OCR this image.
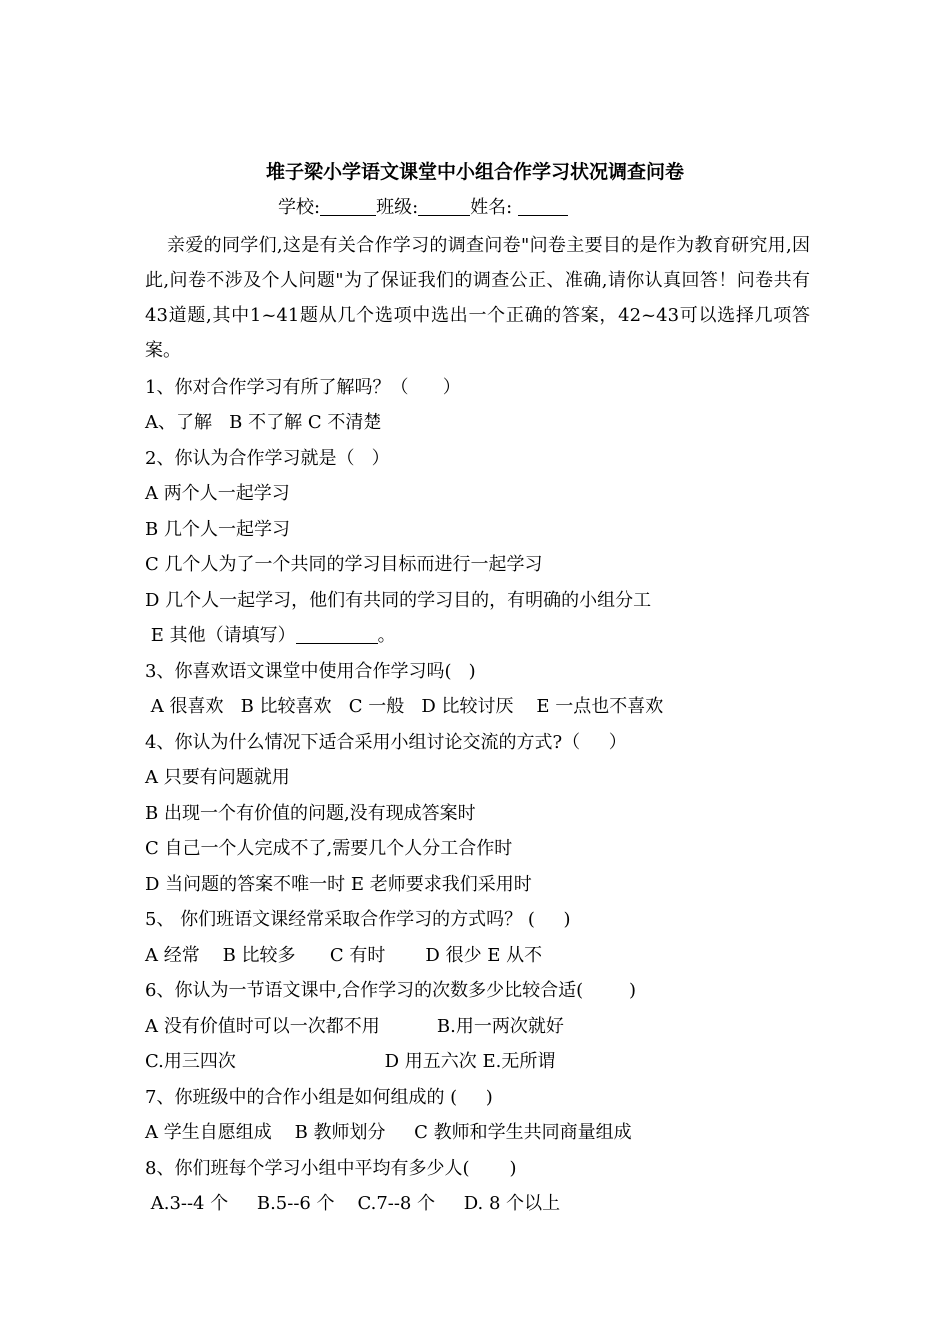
堆子梁小学语文课堂中小组合作学习状况调查问卷
学校:	班级:	姓名:
亲爱的同学们,这是有关合作学习的调查问卷"问卷主要目的是作为教育研究用,因此,问卷不涉及个人问题"为了保证我们的调查公正、准确,请你认真回答！问卷共有43道题,其中1~41题从几个选项中选出一个正确的答案，42~43可以选择几项答案。
1、你对合作学习有所了解吗？（      ）
A、了解   B 不了解 C 不清楚
2、你认为合作学习就是（   ）
A 两个人一起学习
B 几个人一起学习
C 几个人为了一个共同的学习目标而进行一起学习
D 几个人一起学习，他们有共同的学习目的，有明确的小组分工
E 其他（请填写）	。
3、你喜欢语文课堂中使用合作学习吗(   )
A 很喜欢   B 比较喜欢   C 一般   D 比较讨厌    E 一点也不喜欢
4、你认为什么情况下适合采用小组讨论交流的方式?（     ）
A 只要有问题就用
B 出现一个有价值的问题,没有现成答案时
C 自己一个人完成不了,需要几个人分工合作时
D 当问题的答案不唯一时 E 老师要求我们采用时
5、 你们班语文课经常采取合作学习的方式吗？ (     )
A 经常    B 比较多      C 有时       D 很少 E 从不
6、你认为一节语文课中,合作学习的次数多少比较合适(        )
A 没有价值时可以一次都不用          B.用一两次就好
C.用三四次                          D 用五六次 E.无所谓
7、你班级中的合作小组是如何组成的 (     )
A 学生自愿组成    B 教师划分     C 教师和学生共同商量组成
8、你们班每个学习小组中平均有多少人(       )
A.3--4 个     B.5--6 个    C.7--8 个     D. 8 个以上
